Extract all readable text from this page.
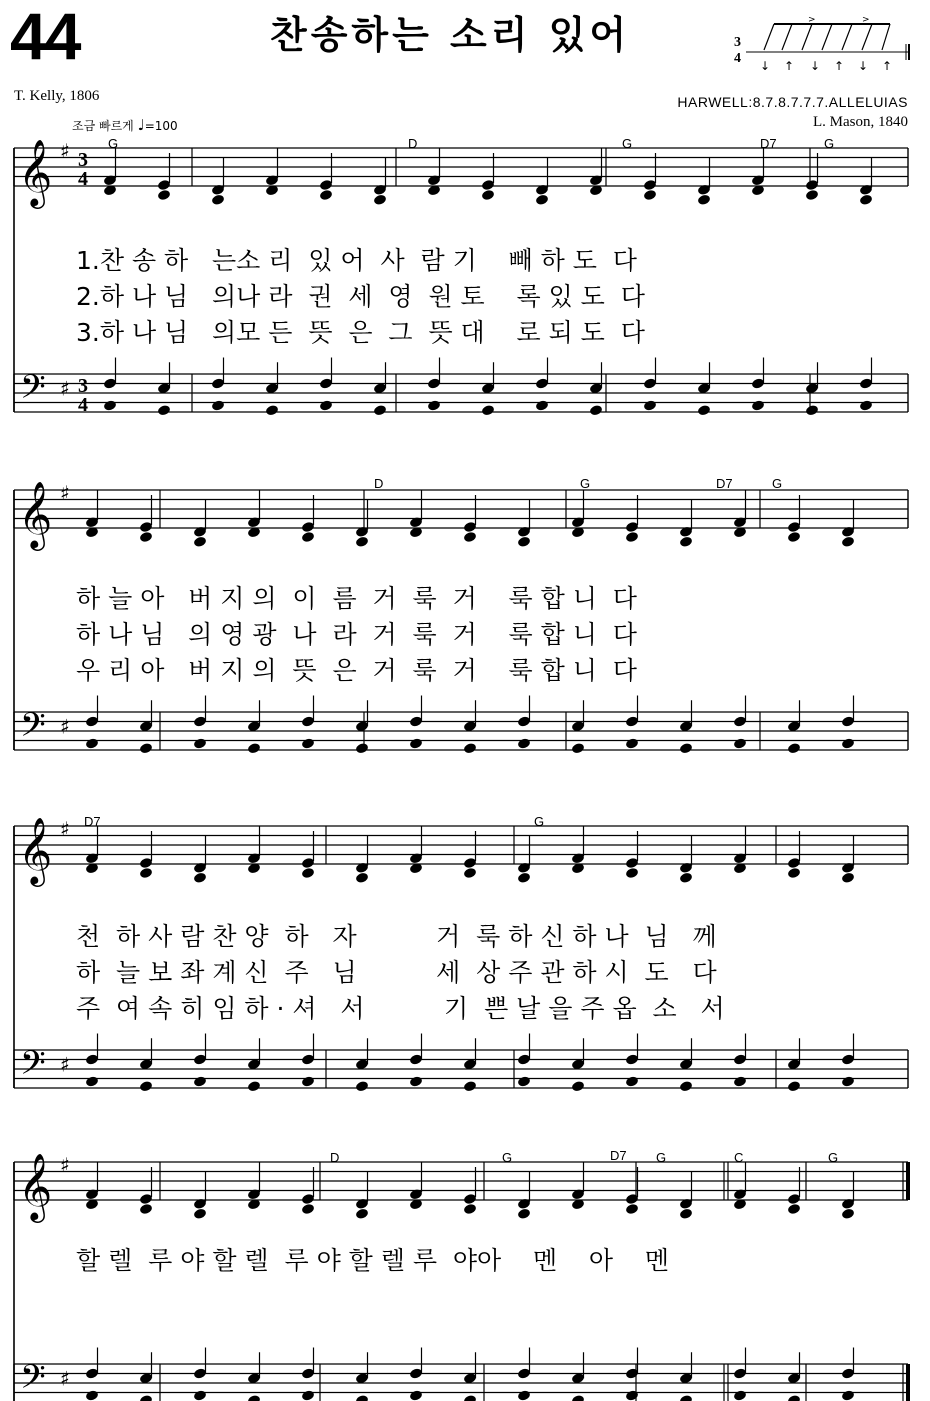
44	찬송하는 소리 있어
T. Kelly, 1806	HARWELL:8.7.8.7.7.7.ALLELUIAS
L. Mason, 1840
조금 빠르게 ♩=100
3
4
>	>
↓ ↑ ↓ ↑ ↓ ↑
𝄞 ♯ 3
4
𝄢 ♯ 3
4
𝄞 ♯
𝄢 ♯
𝄞 ♯
𝄢 ♯
𝄞 ♯
𝄢 ♯
1.찬 송 하   는소 리  있 어  사  람 기    빼 하 도  다
2.하 나 님   의나 라  권  세  영  원 토    록 있 도  다
3.하 나 님   의모 든  뜻  은  그  뜻 대    로 되 도  다
하 늘 아   버 지 의  이  름  거  룩  거    룩 합 니  다
하 나 님   의 영 광  나  라  거  룩  거    룩 합 니  다
우 리 아   버 지 의  뜻  은  거  룩  거    룩 합 니  다
천  하 사 람 찬 양  하   자          거  룩 하 신 하 나  님   께
하  늘 보 좌 계 신  주   님          세  상 주 관 하 시  도   다
주  여 속 히 임 하 · 셔   서          기  쁜 날 을 주 옵  소   서
할 렐  루 야 할 렐  루 야 할 렐 루  야아    멘    아    멘
G	D	G	D7	G
D	G	D7	G
D7	G
D	G	D7 G	C	G
